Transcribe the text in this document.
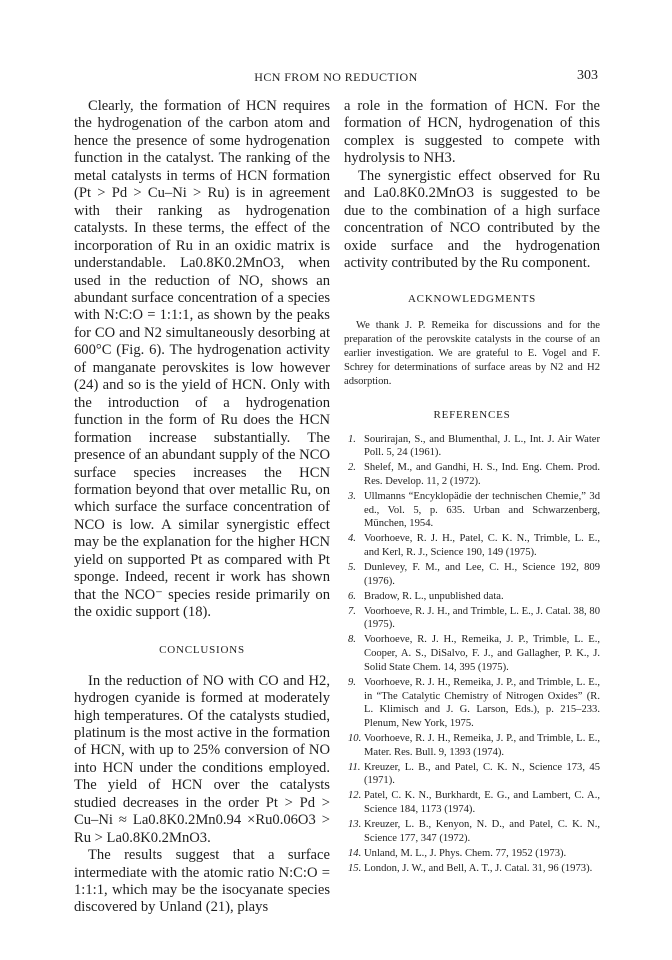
HCN FROM NO REDUCTION	303

Clearly, the formation of HCN requires the hydrogenation of the carbon atom and hence the presence of some hydrogenation function in the catalyst. The ranking of the metal catalysts in terms of HCN formation (Pt > Pd > Cu–Ni > Ru) is in agreement with their ranking as hydrogenation catalysts. In these terms, the effect of the incorporation of Ru in an oxidic matrix is understandable. La0.8K0.2MnO3, when used in the reduction of NO, shows an abundant surface concentration of a species with N:C:O = 1:1:1, as shown by the peaks for CO and N2 simultaneously desorbing at 600°C (Fig. 6). The hydrogenation activity of manganate perovskites is low however (24) and so is the yield of HCN. Only with the introduction of a hydrogenation function in the form of Ru does the HCN formation increase substantially. The presence of an abundant supply of the NCO surface species increases the HCN formation beyond that over metallic Ru, on which surface the surface concentration of NCO is low. A similar synergistic effect may be the explanation for the higher HCN yield on supported Pt as compared with Pt sponge. Indeed, recent ir work has shown that the NCO⁻ species reside primarily on the oxidic support (18).

CONCLUSIONS

In the reduction of NO with CO and H2, hydrogen cyanide is formed at moderately high temperatures. Of the catalysts studied, platinum is the most active in the formation of HCN, with up to 25% conversion of NO into HCN under the conditions employed. The yield of HCN over the catalysts studied decreases in the order Pt > Pd > Cu–Ni ≈ La0.8K0.2Mn0.94 ×Ru0.06O3 > Ru > La0.8K0.2MnO3.

The results suggest that a surface intermediate with the atomic ratio N:C:O = 1:1:1, which may be the isocyanate species discovered by Unland (21), plays

a role in the formation of HCN. For the formation of HCN, hydrogenation of this complex is suggested to compete with hydrolysis to NH3.

The synergistic effect observed for Ru and La0.8K0.2MnO3 is suggested to be due to the combination of a high surface concentration of NCO contributed by the oxide surface and the hydrogenation activity contributed by the Ru component.

ACKNOWLEDGMENTS

We thank J. P. Remeika for discussions and for the preparation of the perovskite catalysts in the course of an earlier investigation. We are grateful to E. Vogel and F. Schrey for determinations of surface areas by N2 and H2 adsorption.

REFERENCES

1. Sourirajan, S., and Blumenthal, J. L., Int. J. Air Water Poll. 5, 24 (1961).
2. Shelef, M., and Gandhi, H. S., Ind. Eng. Chem. Prod. Res. Develop. 11, 2 (1972).
3. Ullmanns “Encyklopädie der technischen Chemie,” 3d ed., Vol. 5, p. 635. Urban and Schwarzenberg, München, 1954.
4. Voorhoeve, R. J. H., Patel, C. K. N., Trimble, L. E., and Kerl, R. J., Science 190, 149 (1975).
5. Dunlevey, F. M., and Lee, C. H., Science 192, 809 (1976).
6. Bradow, R. L., unpublished data.
7. Voorhoeve, R. J. H., and Trimble, L. E., J. Catal. 38, 80 (1975).
8. Voorhoeve, R. J. H., Remeika, J. P., Trimble, L. E., Cooper, A. S., DiSalvo, F. J., and Gallagher, P. K., J. Solid State Chem. 14, 395 (1975).
9. Voorhoeve, R. J. H., Remeika, J. P., and Trimble, L. E., in “The Catalytic Chemistry of Nitrogen Oxides” (R. L. Klimisch and J. G. Larson, Eds.), p. 215–233. Plenum, New York, 1975.
10. Voorhoeve, R. J. H., Remeika, J. P., and Trimble, L. E., Mater. Res. Bull. 9, 1393 (1974).
11. Kreuzer, L. B., and Patel, C. K. N., Science 173, 45 (1971).
12. Patel, C. K. N., Burkhardt, E. G., and Lambert, C. A., Science 184, 1173 (1974).
13. Kreuzer, L. B., Kenyon, N. D., and Patel, C. K. N., Science 177, 347 (1972).
14. Unland, M. L., J. Phys. Chem. 77, 1952 (1973).
15. London, J. W., and Bell, A. T., J. Catal. 31, 96 (1973).
